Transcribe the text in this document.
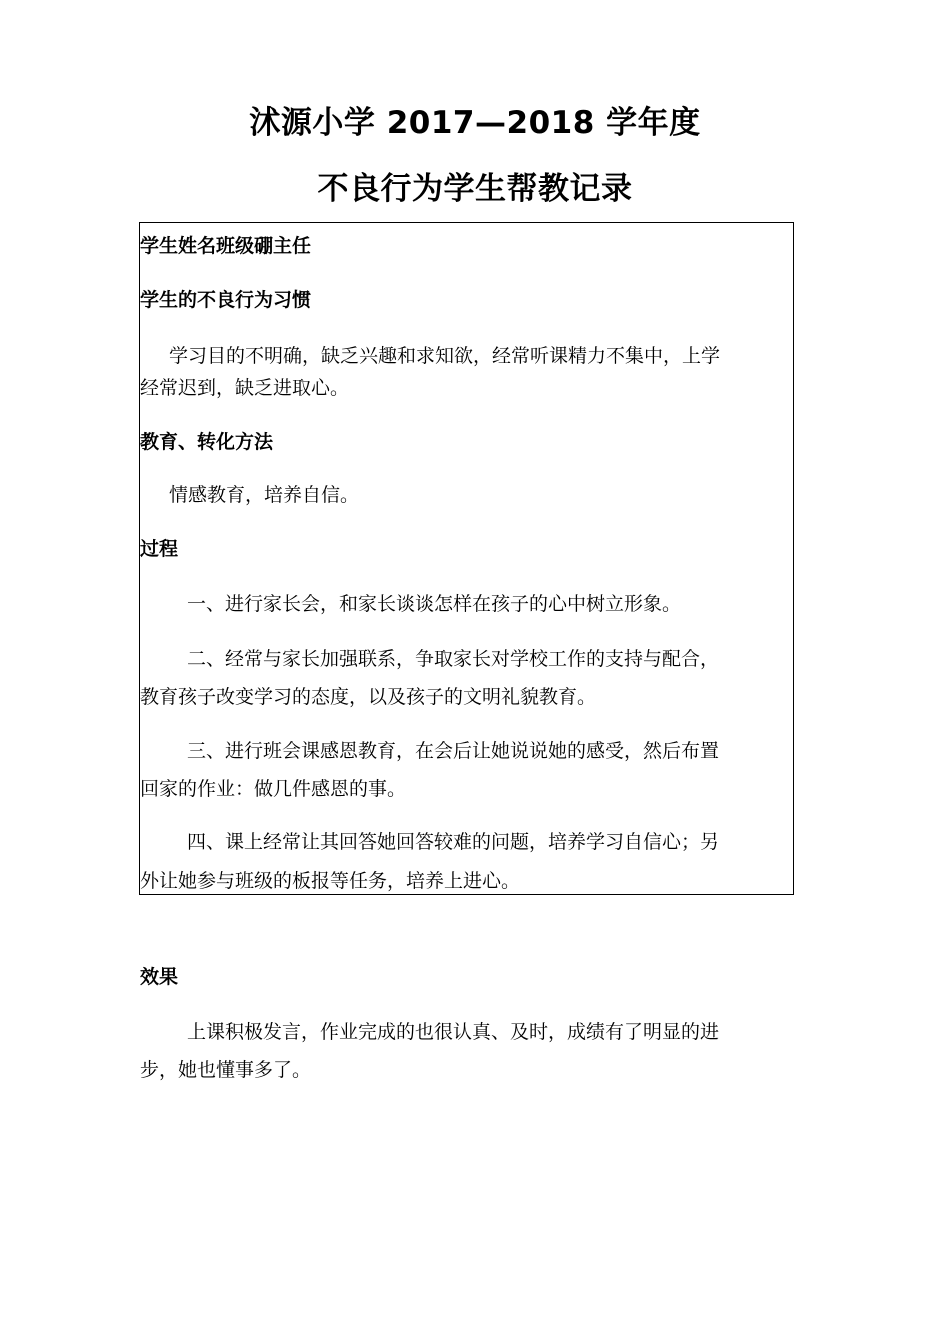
沭源小学 2017—2018 学年度
不良行为学生帮教记录
学生姓名班级硼主任
学生的不良行为习惯
学习目的不明确，缺乏兴趣和求知欲，经常听课精力不集中，上学
经常迟到，缺乏进取心。
教育、转化方法
情感教育，培养自信。
过程
一、进行家长会，和家长谈谈怎样在孩子的心中树立形象。
二、经常与家长加强联系，争取家长对学校工作的支持与配合，
教育孩子改变学习的态度，以及孩子的文明礼貌教育。
三、进行班会课感恩教育，在会后让她说说她的感受，然后布置
回家的作业：做几件感恩的事。
四、课上经常让其回答她回答较难的问题，培养学习自信心；另
外让她参与班级的板报等任务，培养上进心。
效果
上课积极发言，作业完成的也很认真、及时，成绩有了明显的进
步，她也懂事多了。
